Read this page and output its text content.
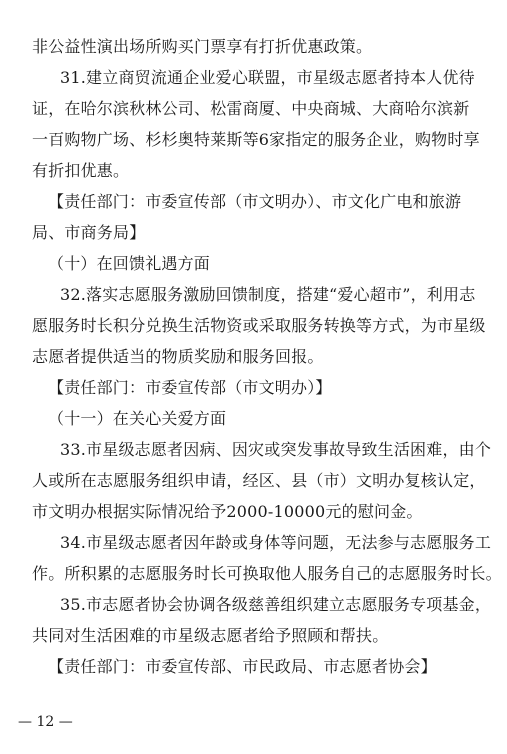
非公益性演出场所购买门票享有打折优惠政策。
31.建立商贸流通企业爱心联盟，市星级志愿者持本人优待
证，在哈尔滨秋林公司、松雷商厦、中央商城、大商哈尔滨新
一百购物广场、杉杉奥特莱斯等6家指定的服务企业，购物时享
有折扣优惠。
【责任部门：市委宣传部（市文明办）、市文化广电和旅游
局、市商务局】
（十）在回馈礼遇方面
32.落实志愿服务激励回馈制度，搭建“爱心超市”，利用志
愿服务时长积分兑换生活物资或采取服务转换等方式，为市星级
志愿者提供适当的物质奖励和服务回报。
【责任部门：市委宣传部（市文明办）】
（十一）在关心关爱方面
33.市星级志愿者因病、因灾或突发事故导致生活困难，由个
人或所在志愿服务组织申请，经区、县（市）文明办复核认定，
市文明办根据实际情况给予2000-10000元的慰问金。
34.市星级志愿者因年龄或身体等问题，无法参与志愿服务工
作。所积累的志愿服务时长可换取他人服务自己的志愿服务时长。
35.市志愿者协会协调各级慈善组织建立志愿服务专项基金，
共同对生活困难的市星级志愿者给予照顾和帮扶。
【责任部门：市委宣传部、市民政局、市志愿者协会】
— 12 —
